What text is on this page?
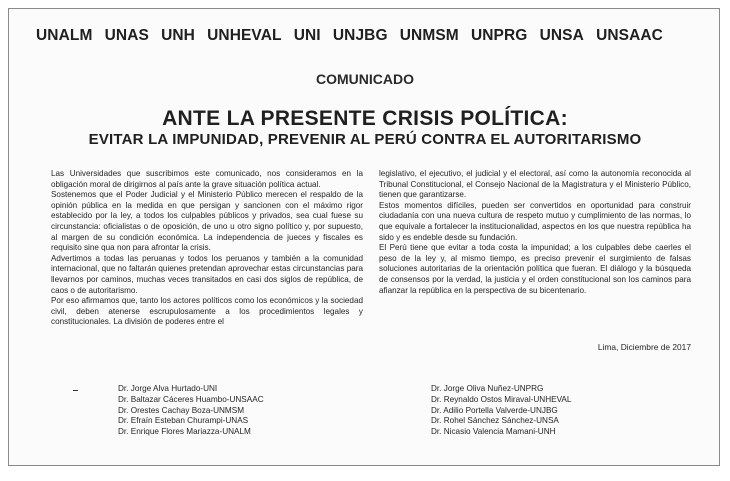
UNALM UNAS UNH UNHEVAL UNI UNJBG UNMSM UNPRG UNSA UNSAAC
COMUNICADO
ANTE LA PRESENTE CRISIS POLÍTICA:
EVITAR LA IMPUNIDAD, PREVENIR AL PERÚ CONTRA EL AUTORITARISMO

Las Universidades que suscribimos este comunicado, nos consideramos en la obligación moral de dirigirnos al país ante la grave situación política actual.

Sostenemos que el Poder Judicial y el Ministerio Público merecen el respaldo de la opinión pública en la medida en que persigan y sancionen con el máximo rigor establecido por la ley, a todos los culpables públicos y privados, sea cual fuese su circunstancia: oficialistas o de oposición, de uno u otro signo político y, por supuesto, al margen de su condición económica. La independencia de jueces y fiscales es requisito sine qua non para afrontar la crisis.

Advertimos a todas las peruanas y todos los peruanos y también a la comunidad internacional, que no faltarán quienes pretendan aprovechar estas circunstancias para llevarnos por caminos, muchas veces transitados en casi dos siglos de república, de caos o de autoritarismo.

Por eso afirmamos que, tanto los actores políticos como los económicos y la sociedad civil, deben atenerse escrupulosamente a los procedimientos legales y constitucionales. La división de poderes entre el

legislativo, el ejecutivo, el judicial y el electoral, así como la autonomía reconocida al Tribunal Constitucional, el Consejo Nacional de la Magistratura y el Ministerio Público, tienen que garantizarse.

Estos momentos difíciles, pueden ser convertidos en oportunidad para construir ciudadanía con una nueva cultura de respeto mutuo y cumplimiento de las normas, lo que equivale a fortalecer la institucionalidad, aspectos en los que nuestra república ha sido y es endeble desde su fundación.

El Perú tiene que evitar a toda costa la impunidad; a los culpables debe caerles el peso de la ley y, al mismo tiempo, es preciso prevenir el surgimiento de falsas soluciones autoritarias de la orientación política que fueran. El diálogo y la búsqueda de consensos por la verdad, la justicia y el orden constitucional son los caminos para afianzar la república en la perspectiva de su bicentenario.

Lima, Diciembre de 2017
Dr. Jorge Alva Hurtado-UNI
Dr. Baltazar Cáceres Huambo-UNSAAC
Dr. Orestes Cachay Boza-UNMSM
Dr. Efraín Esteban Churampi-UNAS
Dr. Enrique Flores Mariazza-UNALM
Dr. Jorge Oliva Nuñez-UNPRG
Dr. Reynaldo Ostos Miraval-UNHEVAL
Dr. Adilio Portella Valverde-UNJBG
Dr. Rohel Sánchez Sánchez-UNSA
Dr. Nicasio Valencia Mamani-UNH
